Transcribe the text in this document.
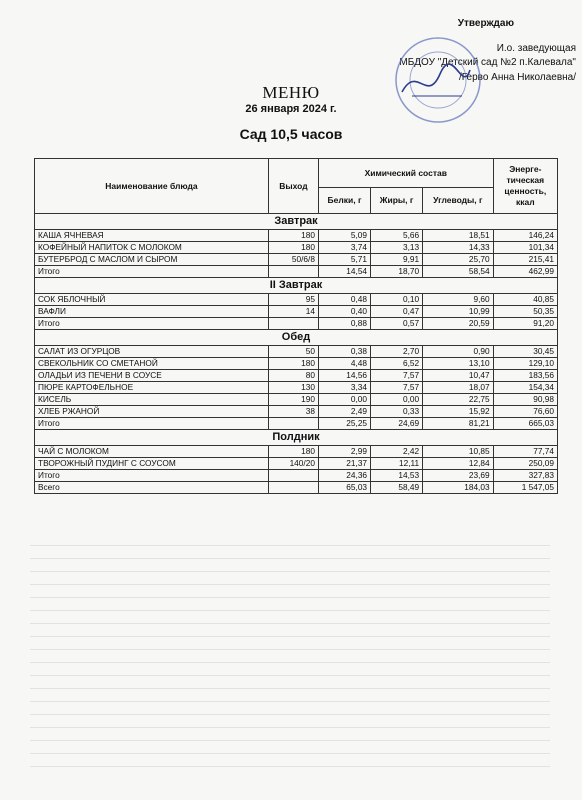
Утверждаю
И.о. заведующая
МБДОУ "Детский сад №2 п.Калевала"
/Герво Анна Николаевна/
МЕНЮ
26 января 2024 г.
Сад 10,5 часов
Наименование блюда	Выход	Химический состав			Энерге-тическая ценность, ккал
		Белки, г	Жиры, г	Углеводы, г	
Завтрак					
КАША ЯЧНЕВАЯ	180	5,09	5,66	18,51	146,24
КОФЕЙНЫЙ НАПИТОК С МОЛОКОМ	180	3,74	3,13	14,33	101,34
БУТЕРБРОД С МАСЛОМ И СЫРОМ	50/6/8	5,71	9,91	25,70	215,41
Итого		14,54	18,70	58,54	462,99
II Завтрак					
СОК ЯБЛОЧНЫЙ	95	0,48	0,10	9,60	40,85
ВАФЛИ	14	0,40	0,47	10,99	50,35
Итого		0,88	0,57	20,59	91,20
Обед					
САЛАТ ИЗ ОГУРЦОВ	50	0,38	2,70	0,90	30,45
СВЕКОЛЬНИК СО СМЕТАНОЙ	180	4,48	6,52	13,10	129,10
ОЛАДЬИ ИЗ ПЕЧЕНИ В СОУСЕ	80	14,56	7,57	10,47	183,56
ПЮРЕ КАРТОФЕЛЬНОЕ	130	3,34	7,57	18,07	154,34
КИСЕЛЬ	190	0,00	0,00	22,75	90,98
ХЛЕБ РЖАНОЙ	38	2,49	0,33	15,92	76,60
Итого		25,25	24,69	81,21	665,03
Полдник					
ЧАЙ С МОЛОКОМ	180	2,99	2,42	10,85	77,74
ТВОРОЖНЫЙ ПУДИНГ С СОУСОМ	140/20	21,37	12,11	12,84	250,09
Итого		24,36	14,53	23,69	327,83
Всего		65,03	58,49	184,03	1 547,05
